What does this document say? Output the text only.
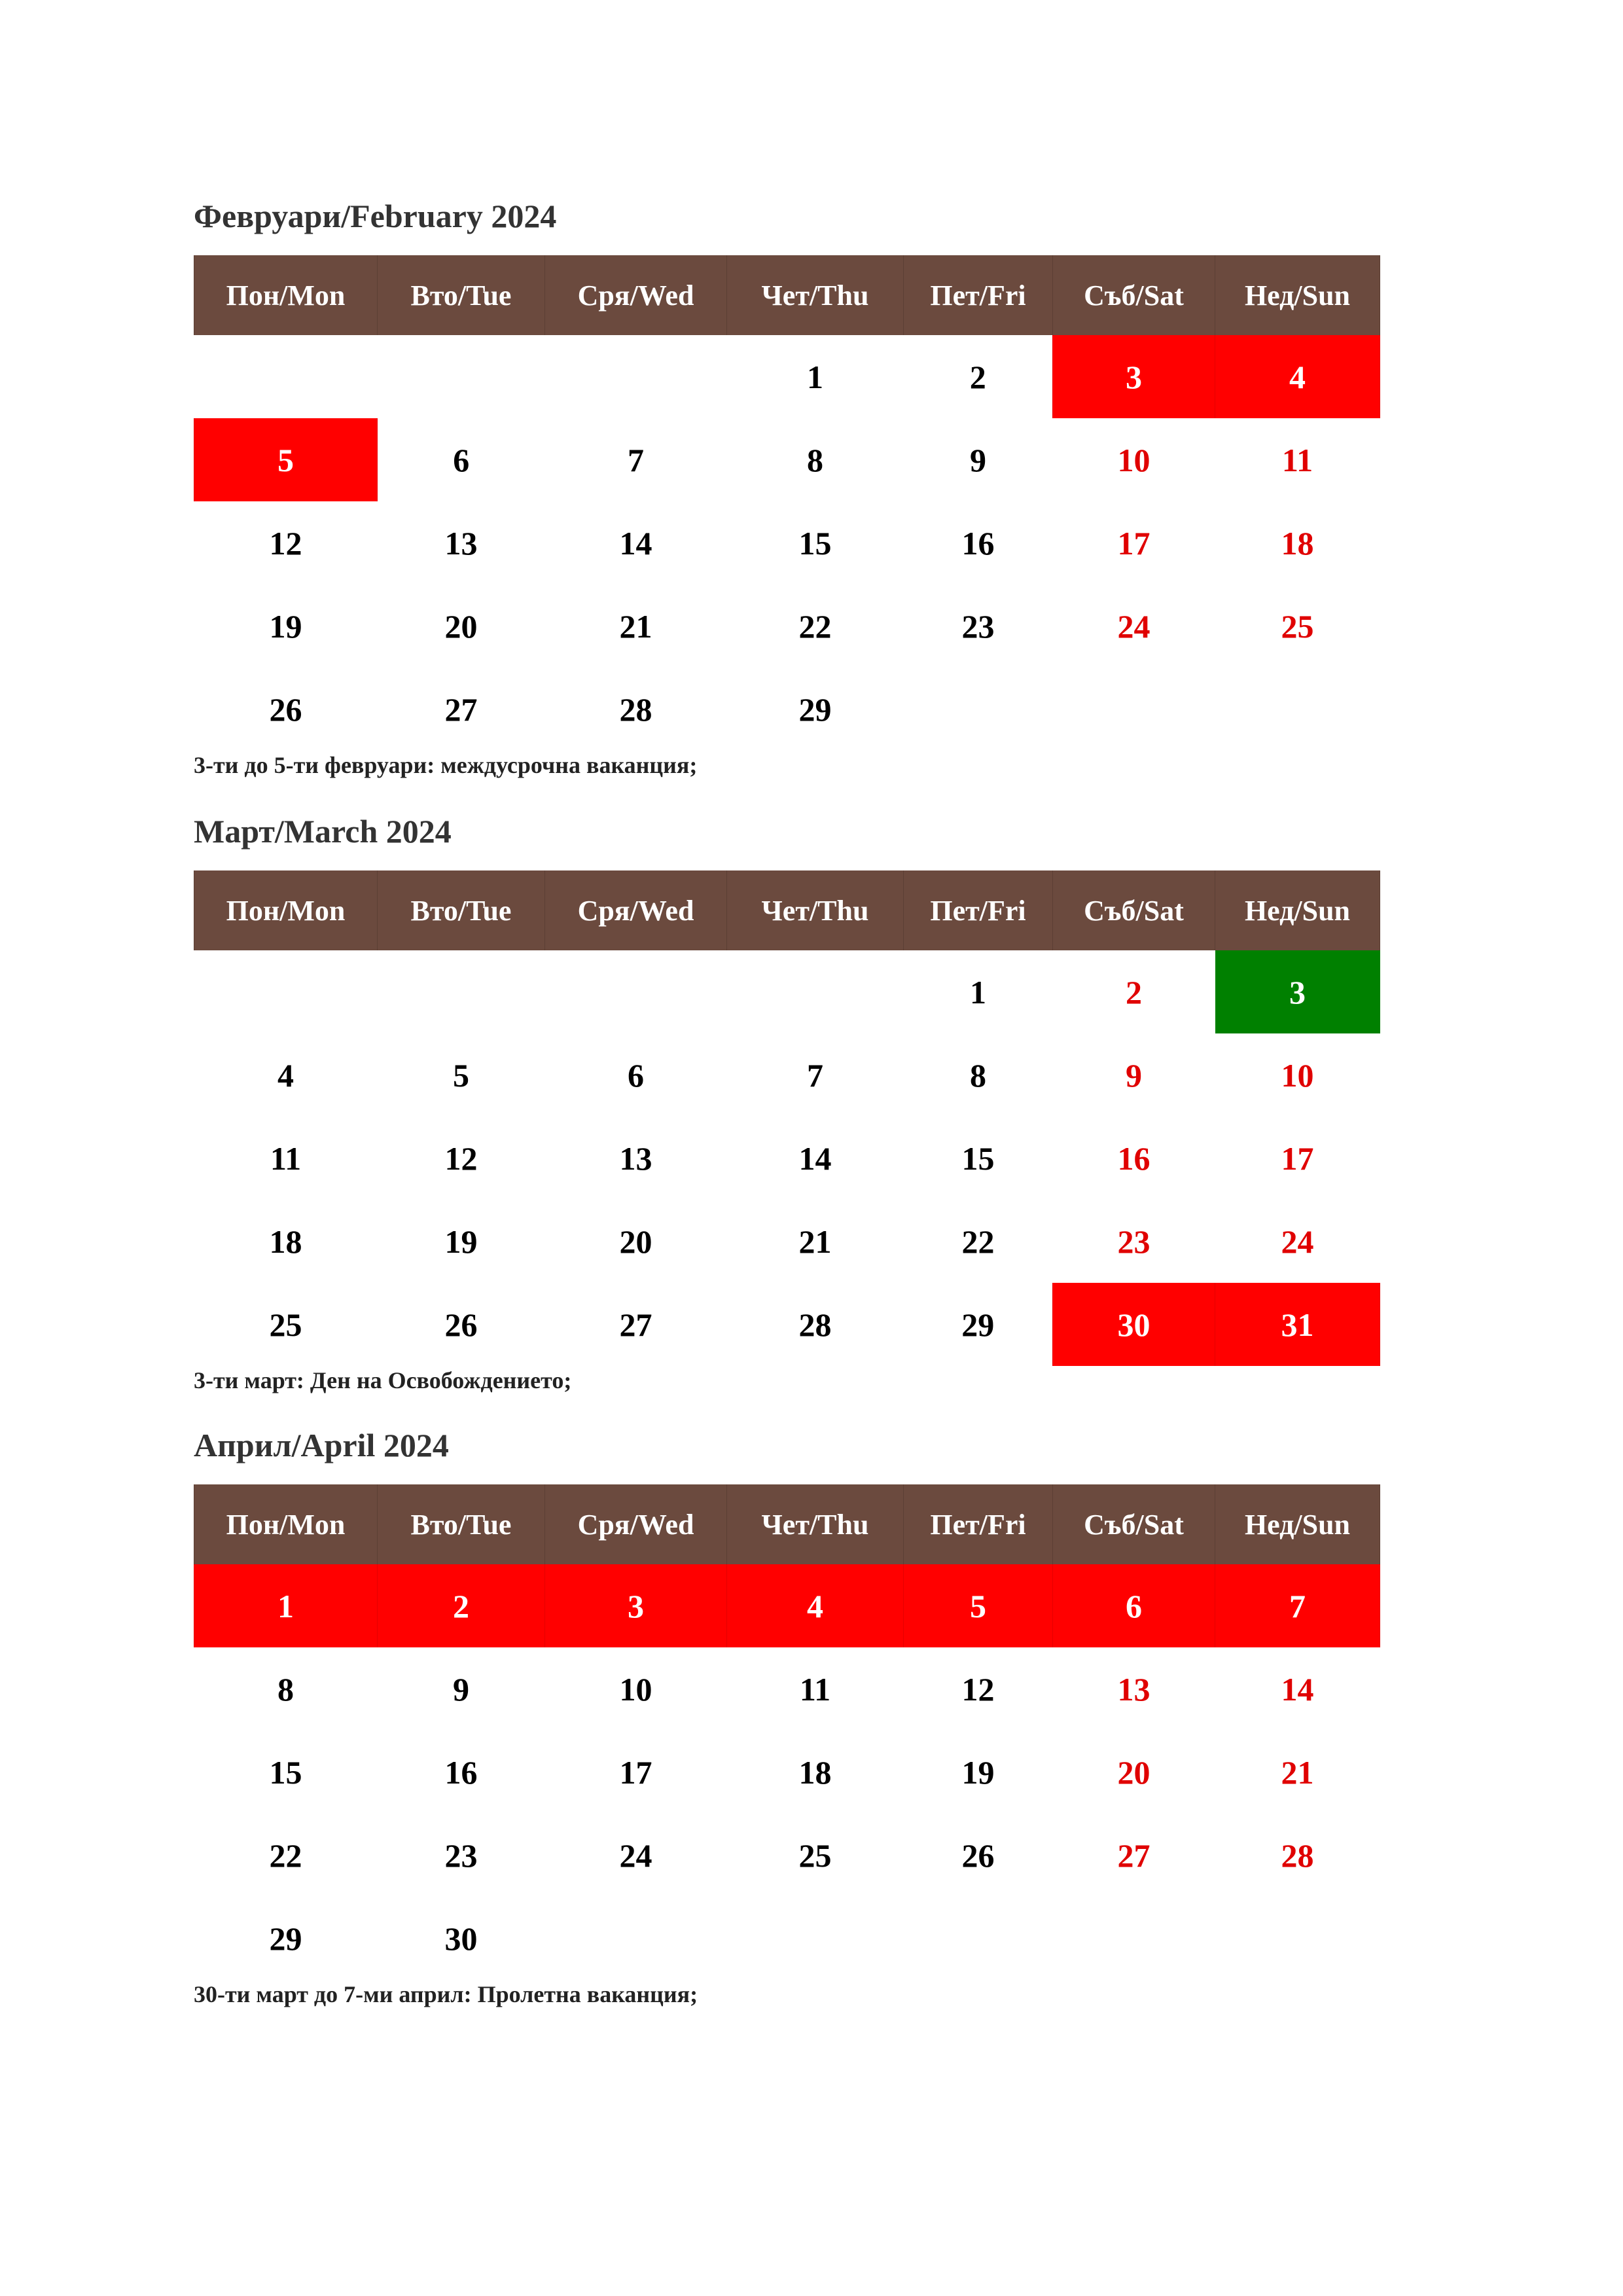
Февруари/February 2024
Пон/Mon	Вто/Tue	Сря/Wed	Чет/Thu	Пет/Fri	Съб/Sat	Нед/Sun
			1	2	3	4
5	6	7	8	9	10	11
12	13	14	15	16	17	18
19	20	21	22	23	24	25
26	27	28	29			

3-ти до 5-ти февруари: междусрочна ваканция;

Март/March 2024
Пон/Mon	Вто/Tue	Сря/Wed	Чет/Thu	Пет/Fri	Съб/Sat	Нед/Sun
				1	2	3
4	5	6	7	8	9	10
11	12	13	14	15	16	17
18	19	20	21	22	23	24
25	26	27	28	29	30	31

3-ти март: Ден на Освобождението;

Април/April 2024
Пон/Mon	Вто/Tue	Сря/Wed	Чет/Thu	Пет/Fri	Съб/Sat	Нед/Sun
1	2	3	4	5	6	7
8	9	10	11	12	13	14
15	16	17	18	19	20	21
22	23	24	25	26	27	28
29	30					

30-ти март до 7-ми април: Пролетна ваканция;
